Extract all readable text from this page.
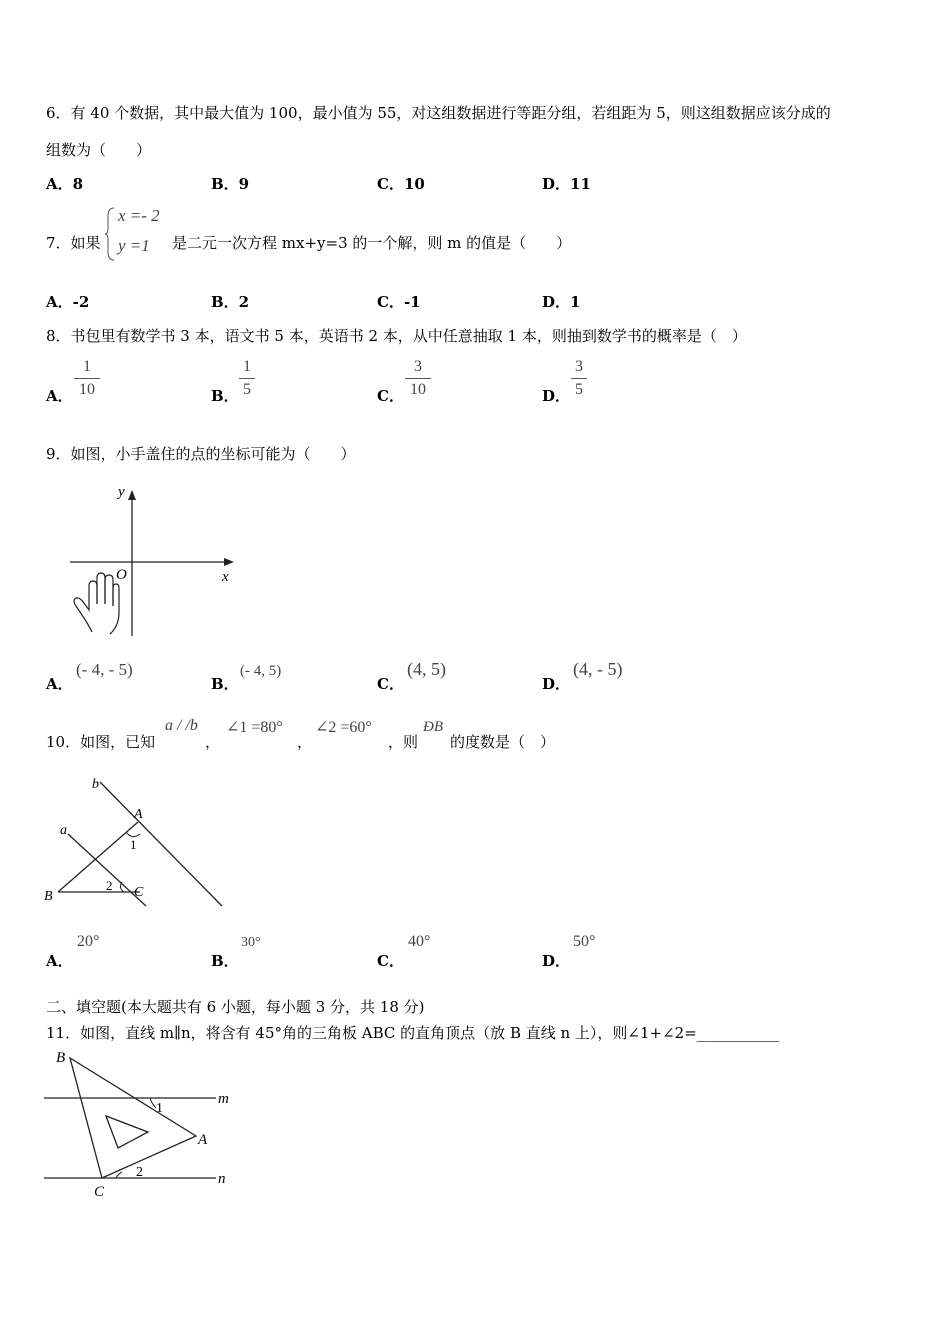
6．有 40 个数据，其中最大值为 100，最小值为 55，对这组数据进行等距分组，若组距为 5，则这组数据应该分成的
组数为（　　）
A．8	B．9	C．10	D．11
7．如果
x =- 2
y =1 是二元一次方程 mx+y=3 的一个解，则 m 的值是（　　）
A．-2	B．2	C．-1	D．1
8．书包里有数学书 3 本，语文书 5 本，英语书 2 本，从中任意抽取 1 本，则抽到数学书的概率是（　）
A．
1
10	B．
1
5	C．
3
10	D．
3
5
9．如图，小手盖住的点的坐标可能为（　　）
y
x
O
A．
(- 4, - 5)
B．
(- 4, 5)
C．
(4, 5)
D．
(4, - 5)
10．如图，已知
a / /b
，
∠1 =80°
，
∠2 =60°
，则
ÐB
的度数是（　）
b
a
A
B	C
1
2
A．
20°
B．
30°
C．
40°
D．
50°
二、填空题(本大题共有 6 小题，每小题 3 分，共 18 分)
11．如图，直线 m∥n，将含有 45°角的三角板 ABC 的直角顶点（放 B 直线 n 上），则∠1+∠2=___________
B
A
C
m
n
1
2
